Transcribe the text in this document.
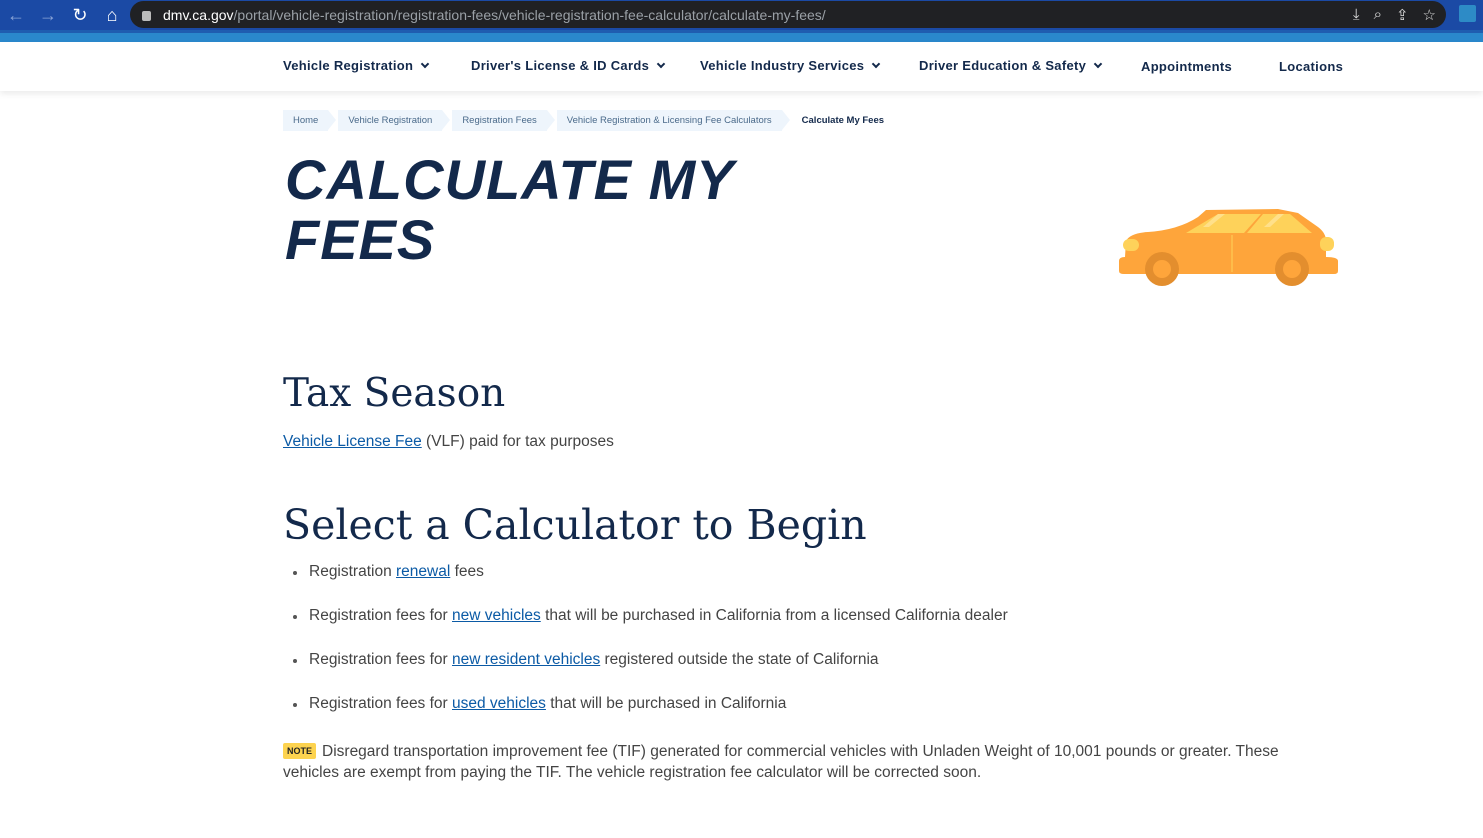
← → ↻	⌂	dmv.ca.gov/portal/vehicle-registration/registration-fees/vehicle-registration-fee-calculator/calculate-my-fees/	⤓ ⌕ ⇪ ☆
Vehicle Registration	Driver's License & ID Cards	Vehicle Industry Services	Driver Education & Safety	Appointments	Locations
Home	Vehicle Registration	Registration Fees	Vehicle Registration & Licensing Fee Calculators	Calculate My Fees
CALCULATE MY FEES
Tax Season
Vehicle License Fee (VLF) paid for tax purposes
Select a Calculator to Begin
Registration renewal fees
Registration fees for new vehicles that will be purchased in California from a licensed California dealer
Registration fees for new resident vehicles registered outside the state of California
Registration fees for used vehicles that will be purchased in California
NOTE Disregard transportation improvement fee (TIF) generated for commercial vehicles with Unladen Weight of 10,001 pounds or greater. These vehicles are exempt from paying the TIF. The vehicle registration fee calculator will be corrected soon.
